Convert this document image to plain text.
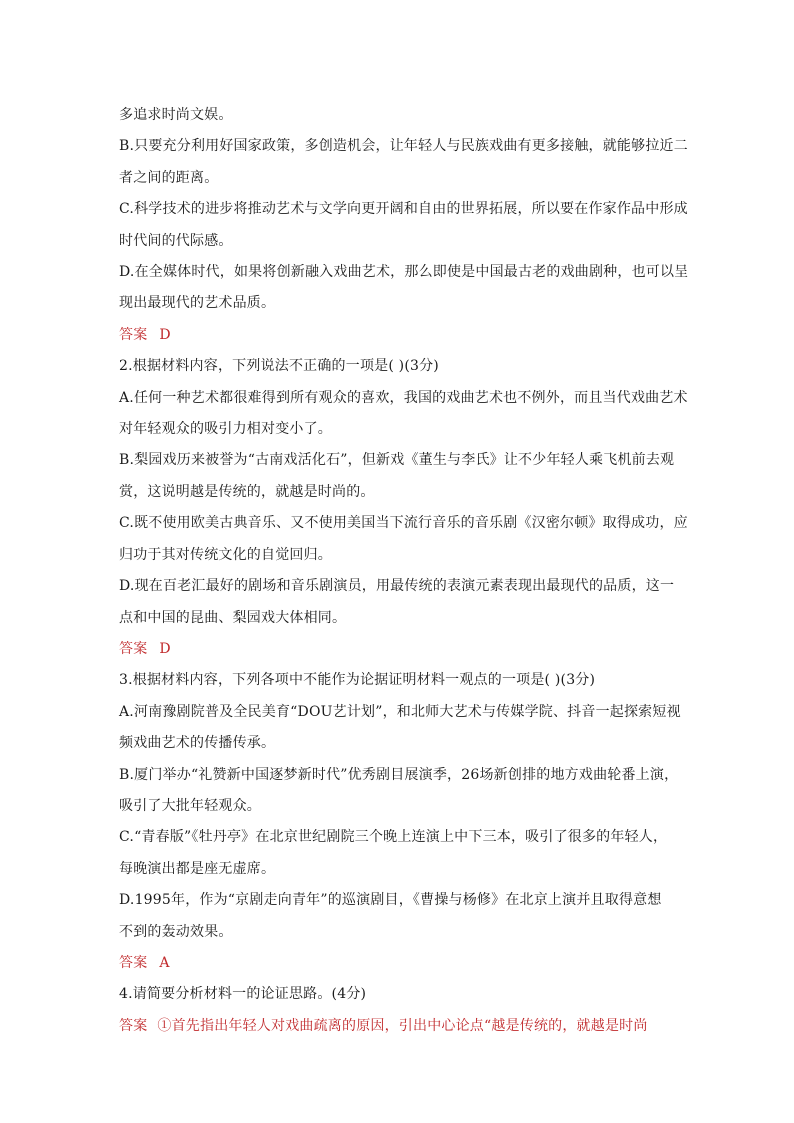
多追求时尚文娱。
B.只要充分利用好国家政策，多创造机会，让年轻人与民族戏曲有更多接触，就能够拉近二
者之间的距离。
C.科学技术的进步将推动艺术与文学向更开阔和自由的世界拓展，所以要在作家作品中形成
时代间的代际感。
D.在全媒体时代，如果将创新融入戏曲艺术，那么即使是中国最古老的戏曲剧种，也可以呈
现出最现代的艺术品质。
答案 D
2.根据材料内容，下列说法不正确的一项是( )(3分)
A.任何一种艺术都很难得到所有观众的喜欢，我国的戏曲艺术也不例外，而且当代戏曲艺术
对年轻观众的吸引力相对变小了。
B.梨园戏历来被誉为“古南戏活化石”，但新戏《董生与李氏》让不少年轻人乘飞机前去观
赏，这说明越是传统的，就越是时尚的。
C.既不使用欧美古典音乐、又不使用美国当下流行音乐的音乐剧《汉密尔顿》取得成功，应
归功于其对传统文化的自觉回归。
D.现在百老汇最好的剧场和音乐剧演员，用最传统的表演元素表现出最现代的品质，这一
点和中国的昆曲、梨园戏大体相同。
答案 D
3.根据材料内容，下列各项中不能作为论据证明材料一观点的一项是( )(3分)
A.河南豫剧院普及全民美育“DOU艺计划”，和北师大艺术与传媒学院、抖音一起探索短视
频戏曲艺术的传播传承。
B.厦门举办“礼赞新中国逐梦新时代”优秀剧目展演季，26场新创排的地方戏曲轮番上演，
吸引了大批年轻观众。
C.“青春版”《牡丹亭》在北京世纪剧院三个晚上连演上中下三本，吸引了很多的年轻人，
每晚演出都是座无虚席。
D.1995年，作为“京剧走向青年”的巡演剧目，《曹操与杨修》在北京上演并且取得意想
不到的轰动效果。
答案 A
4.请简要分析材料一的论证思路。(4分)
答案 ①首先指出年轻人对戏曲疏离的原因，引出中心论点“越是传统的，就越是时尚
